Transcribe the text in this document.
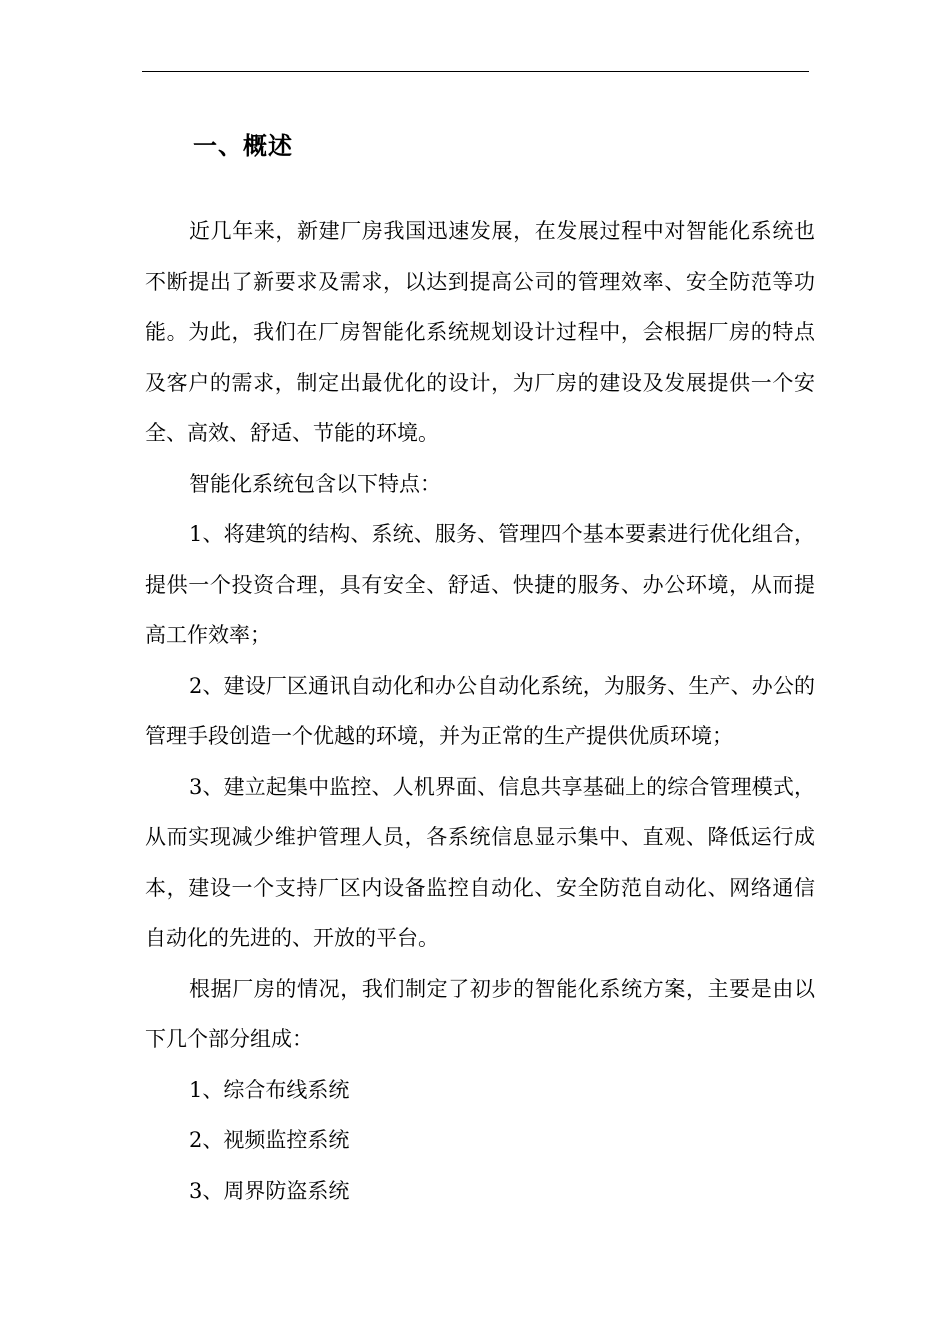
一、概述

近几年来，新建厂房我国迅速发展，在发展过程中对智能化系统也不断提出了新要求及需求，以达到提高公司的管理效率、安全防范等功能。为此，我们在厂房智能化系统规划设计过程中，会根据厂房的特点及客户的需求，制定出最优化的设计，为厂房的建设及发展提供一个安全、高效、舒适、节能的环境。

智能化系统包含以下特点：

1、将建筑的结构、系统、服务、管理四个基本要素进行优化组合，提供一个投资合理，具有安全、舒适、快捷的服务、办公环境，从而提高工作效率；

2、建设厂区通讯自动化和办公自动化系统，为服务、生产、办公的管理手段创造一个优越的环境，并为正常的生产提供优质环境；

3、建立起集中监控、人机界面、信息共享基础上的综合管理模式，从而实现减少维护管理人员，各系统信息显示集中、直观、降低运行成本，建设一个支持厂区内设备监控自动化、安全防范自动化、网络通信自动化的先进的、开放的平台。

根据厂房的情况，我们制定了初步的智能化系统方案，主要是由以下几个部分组成：

1、综合布线系统

2、视频监控系统

3、周界防盗系统
